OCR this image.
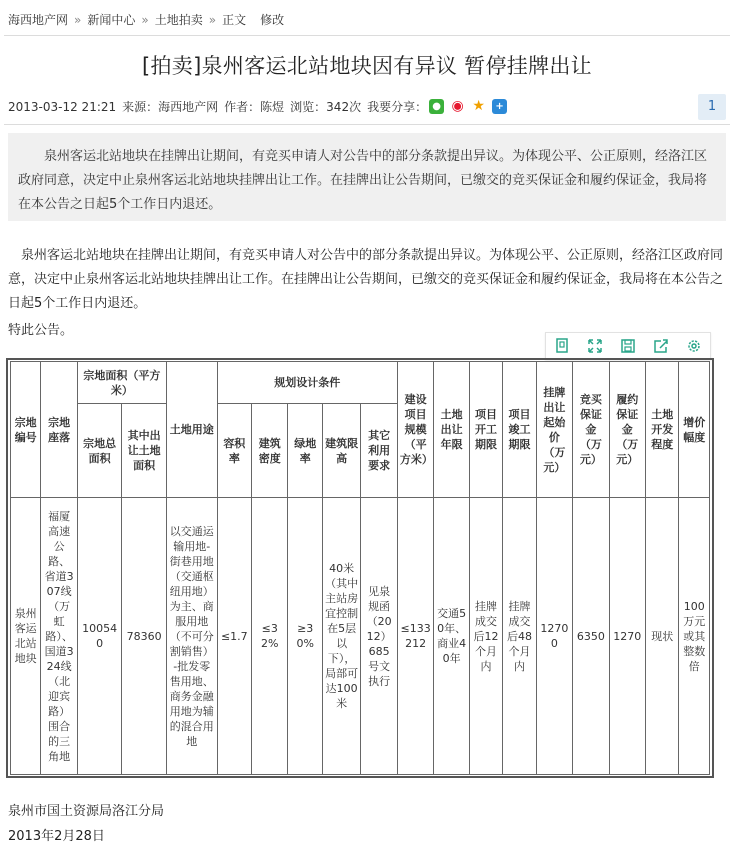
海西地产网 » 新闻中心 » 土地拍卖 » 正文 修改
[拍卖]泉州客运北站地块因有异议 暂停挂牌出让
2013-03-12 21:21 来源：海西地产网 作者：陈煜 浏览：342次 我要分享： ● ◉ ★	+	1
泉州客运北站地块在挂牌出让期间，有竞买申请人对公告中的部分条款提出异议。为体现公平、公正原则，经洛江区政府同意，决定中止泉州客运北站地块挂牌出让工作。在挂牌出让公告期间，已缴交的竞买保证金和履约保证金，我局将在本公告之日起5个工作日内退还。

泉州客运北站地块在挂牌出让期间，有竞买申请人对公告中的部分条款提出异议。为体现公平、公正原则，经洛江区政府同意，决定中止泉州客运北站地块挂牌出让工作。在挂牌出让公告期间，已缴交的竞买保证金和履约保证金，我局将在本公告之日起5个工作日内退还。

特此公告。

宗地编号	宗地座落	宗地面积（平方米）		土地用途	规划设计条件					建设项目规模（平方米）	土地出让年限	项目开工期限	项目竣工期限	挂牌出让起始价（万元）	竞买保证金（万元）	履约保证金（万元）	土地开发程度	增价幅度
		宗地总面积	其中出让土地面积		容积率	建筑密度	绿地率	建筑限高	其它利用要求									
泉州客运北站地块	福厦高速公路、省道307线（万虹路）、国道324线（北迎宾路）围合的三角地	100540	78360	以交通运输用地-街巷用地（交通枢纽用地）为主、商服用地（不可分割销售）-批发零售用地、商务金融用地为辅的混合用地	≤1.7	≤32%	≥30%	40米（其中主站房宜控制在5层以下），局部可达100米	见泉规函（2012）685号文执行	≤133212	交通50年、商业40年	挂牌成交后12个月内	挂牌成交后48个月内	12700	6350	1270	现状	100万元或其整数倍

泉州市国土资源局洛江分局

2013年2月28日
